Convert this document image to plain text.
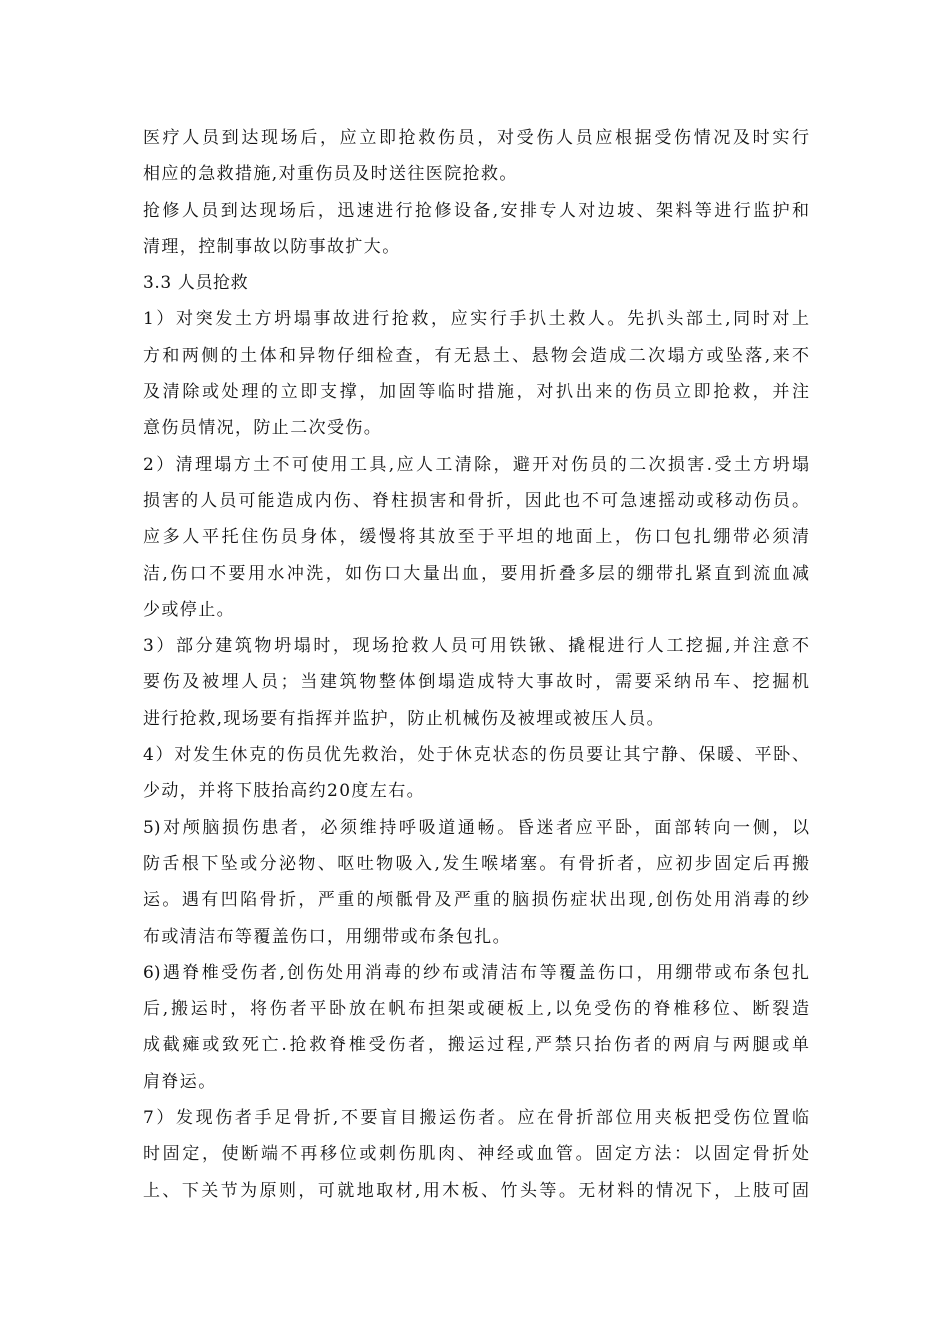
医疗人员到达现场后，应立即抢救伤员，对受伤人员应根据受伤情况及时实行
相应的急救措施,对重伤员及时送往医院抢救。
抢修人员到达现场后，迅速进行抢修设备,安排专人对边坡、架料等进行监护和
清理，控制事故以防事故扩大。
3.3 人员抢救
1）对突发土方坍塌事故进行抢救，应实行手扒土救人。先扒头部土,同时对上
方和两侧的土体和异物仔细检查，有无悬土、悬物会造成二次塌方或坠落,来不
及清除或处理的立即支撑，加固等临时措施，对扒出来的伤员立即抢救，并注
意伤员情况，防止二次受伤。
2）清理塌方土不可使用工具,应人工清除，避开对伤员的二次损害.受土方坍塌
损害的人员可能造成内伤、脊柱损害和骨折，因此也不可急速摇动或移动伤员。
应多人平托住伤员身体，缓慢将其放至于平坦的地面上，伤口包扎绷带必须清
洁,伤口不要用水冲洗，如伤口大量出血，要用折叠多层的绷带扎紧直到流血减
少或停止。
3）部分建筑物坍塌时，现场抢救人员可用铁锹、撬棍进行人工挖掘,并注意不
要伤及被埋人员；当建筑物整体倒塌造成特大事故时，需要采纳吊车、挖掘机
进行抢救,现场要有指挥并监护，防止机械伤及被埋或被压人员。
4）对发生休克的伤员优先救治，处于休克状态的伤员要让其宁静、保暖、平卧、
少动，并将下肢抬高约20度左右。
5)对颅脑损伤患者，必须维持呼吸道通畅。昏迷者应平卧，面部转向一侧，以
防舌根下坠或分泌物、呕吐物吸入,发生喉堵塞。有骨折者，应初步固定后再搬
运。遇有凹陷骨折，严重的颅骶骨及严重的脑损伤症状出现,创伤处用消毒的纱
布或清洁布等覆盖伤口，用绷带或布条包扎。
6)遇脊椎受伤者,创伤处用消毒的纱布或清洁布等覆盖伤口，用绷带或布条包扎
后,搬运时，将伤者平卧放在帆布担架或硬板上,以免受伤的脊椎移位、断裂造
成截瘫或致死亡.抢救脊椎受伤者，搬运过程,严禁只抬伤者的两肩与两腿或单
肩脊运。
7）发现伤者手足骨折,不要盲目搬运伤者。应在骨折部位用夹板把受伤位置临
时固定，使断端不再移位或刺伤肌肉、神经或血管。固定方法：以固定骨折处
上、下关节为原则，可就地取材,用木板、竹头等。无材料的情况下，上肢可固
